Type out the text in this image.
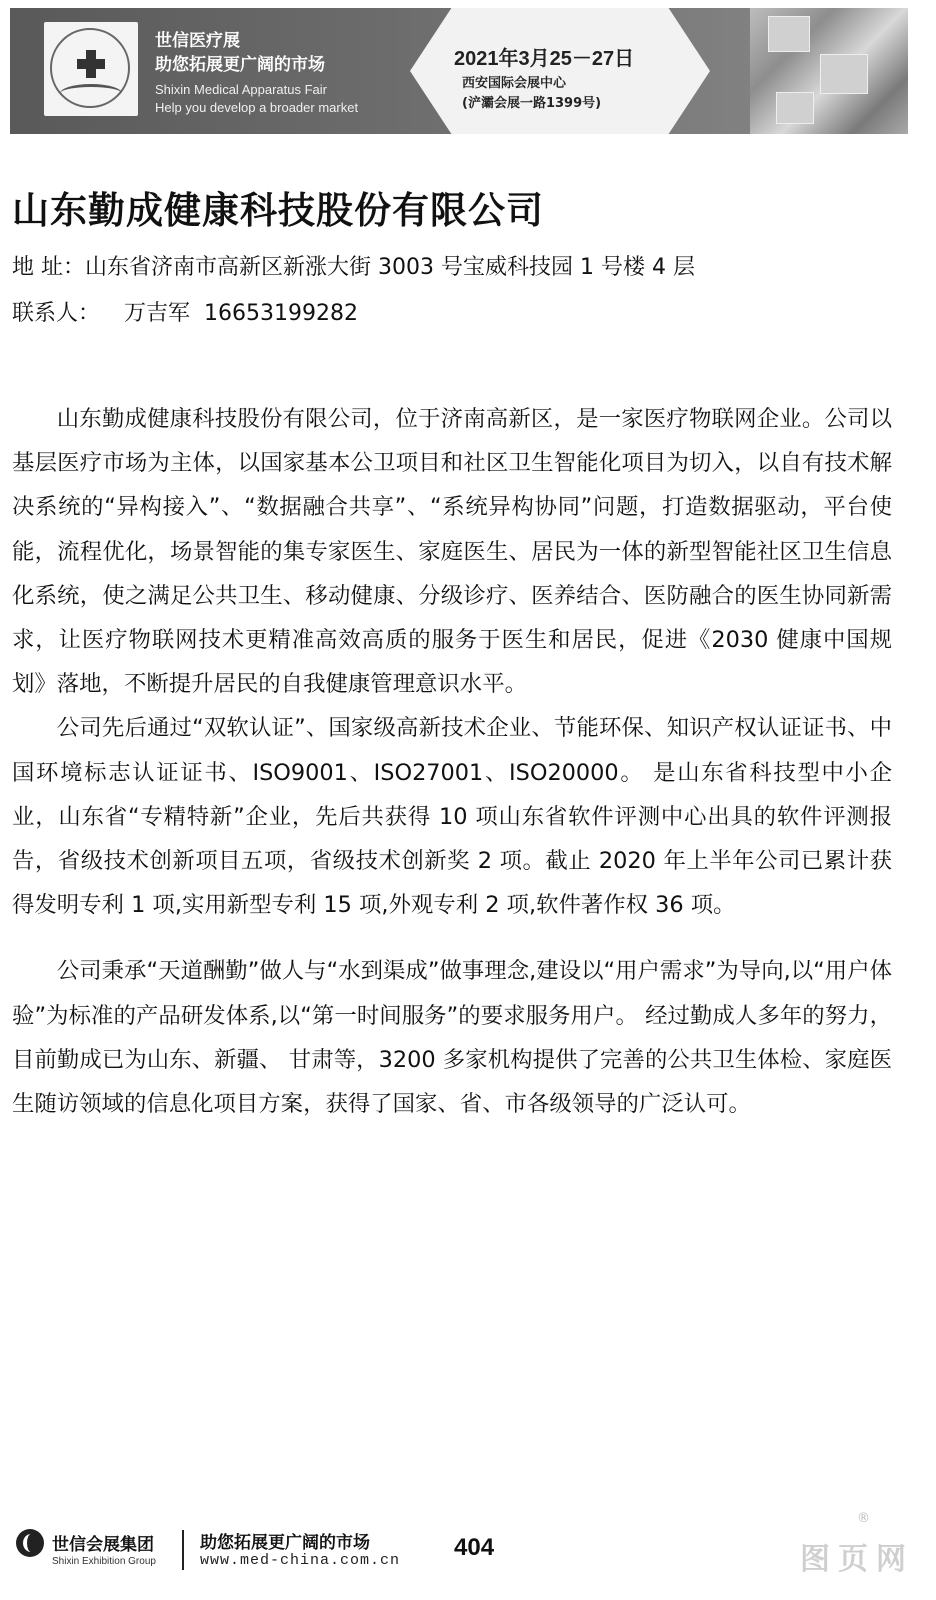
世信医疗展
助您拓展更广阔的市场
Shixin Medical Apparatus Fair
Help you develop a broader market
2021年3月25－27日
西安国际会展中心
(浐灞会展一路1399号)
山东勤成健康科技股份有限公司
地 址：山东省济南市高新区新涨大街 3003 号宝威科技园 1 号楼 4 层
联系人： 万吉军 16653199282

山东勤成健康科技股份有限公司，位于济南高新区，是一家医疗物联网企业。公司以基层医疗市场为主体，以国家基本公卫项目和社区卫生智能化项目为切入，以自有技术解决系统的“异构接入”、“数据融合共享”、“系统异构协同”问题，打造数据驱动，平台使能，流程优化，场景智能的集专家医生、家庭医生、居民为一体的新型智能社区卫生信息化系统，使之满足公共卫生、移动健康、分级诊疗、医养结合、医防融合的医生协同新需求，让医疗物联网技术更精准高效高质的服务于医生和居民，促进《2030 健康中国规划》落地，不断提升居民的自我健康管理意识水平。

公司先后通过“双软认证”、国家级高新技术企业、节能环保、知识产权认证证书、中国环境标志认证证书、ISO9001、ISO27001、ISO20000。 是山东省科技型中小企业，山东省“专精特新”企业，先后共获得 10 项山东省软件评测中心出具的软件评测报告，省级技术创新项目五项，省级技术创新奖 2 项。截止 2020 年上半年公司已累计获得发明专利 1 项,实用新型专利 15 项,外观专利 2 项,软件著作权 36 项。

公司秉承“天道酬勤”做人与“水到渠成”做事理念,建设以“用户需求”为导向,以“用户体验”为标准的产品研发体系,以“第一时间服务”的要求服务用户。 经过勤成人多年的努力，目前勤成已为山东、新疆、 甘肃等，3200 多家机构提供了完善的公共卫生体检、家庭医生随访领域的信息化项目方案，获得了国家、省、市各级领导的广泛认可。

世信会展集团
Shixin Exhibition Group
助您拓展更广阔的市场
www.med-china.com.cn 404
®
图页网
